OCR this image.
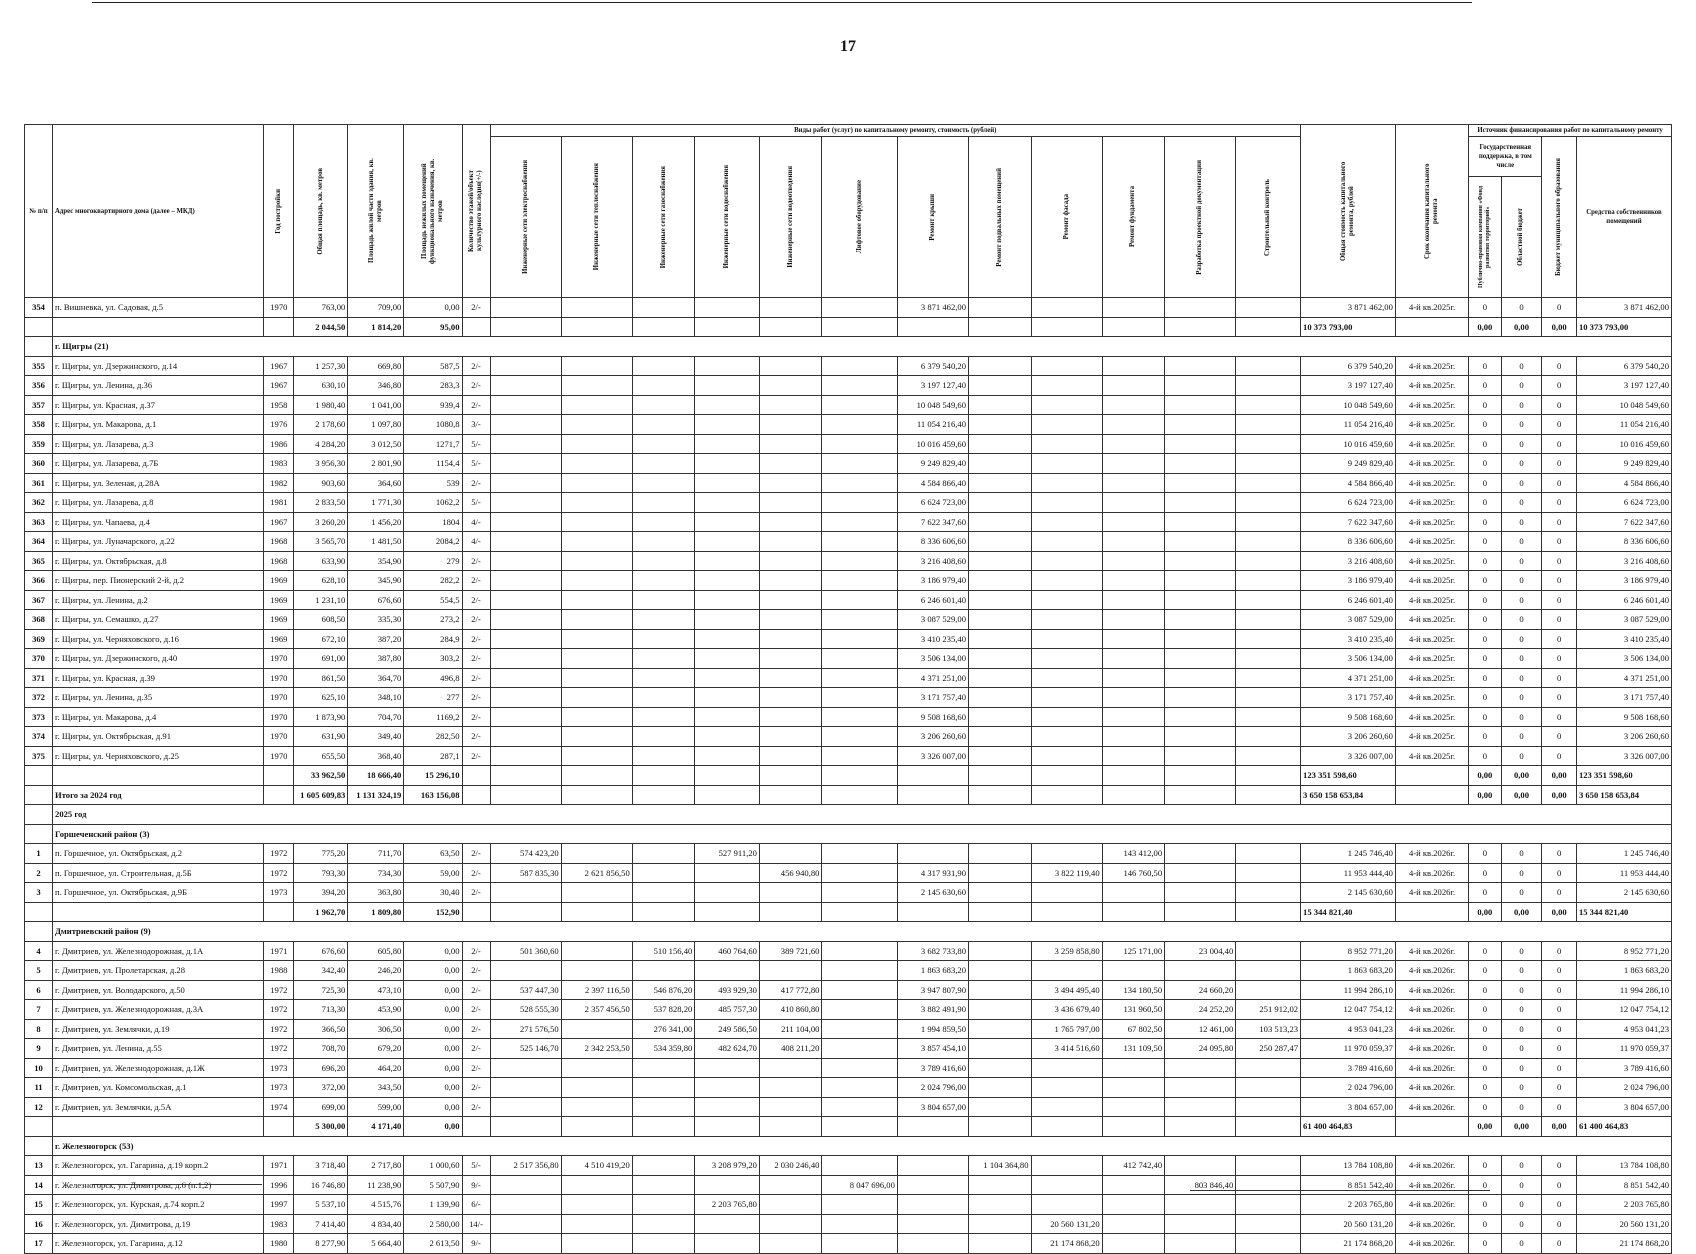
17
№ п/п	Адрес многоквартирного дома (далее – МКД)	Год постройки	Общая площадь, кв. метров	Площадь жилой части здания, кв. метров	Площадь нежилых помещений функционального назначения, кв. метров	Количество этажей/объект культурного наследия(+/-)	Виды работ (услуг) по капитальному ремонту, стоимость (рублей)												Общая стоимость капитального ремонта, рублей	Срок окончания капитального ремонта	Источник финансирования работ по капитальному ремонту			

							Инженерные сети электроснабжения	Инженерные сети теплоснабжения	Инженерные сети газоснабжения	Инженерные сети водоснабжения	Инженерные сети водоотведения	Лифтовое оборудование	Ремонт крыши	Ремонт подвальных помещений	Ремонт фасада	Ремонт фундамента	Разработка проектной документации	Строительный контроль			Государственная поддержка, в том числе		Бюджет муниципального образования	Средства собственников помещений

																					Публично-правовая компания «Фонд развития территорий»	Областной бюджет		

354	п. Вишневка, ул. Садовая, д.5	1970	763,00	709,00	0,00	2/-							3 871 462,00						3 871 462,00	4-й кв.2025г.	0	0	0	3 871 462,00
			2 044,50	1 814,20	95,00														10 373 793,00		0,00	0,00	0,00	10 373 793,00
	г. Щигры (21)																							
355	г. Щигры, ул. Дзержинского, д.14	1967	1 257,30	669,80	587,5	2/-							6 379 540,20						6 379 540,20	4-й кв.2025г.	0	0	0	6 379 540,20
356	г. Щигры, ул. Ленина, д.36	1967	630,10	346,80	283,3	2/-							3 197 127,40						3 197 127,40	4-й кв.2025г.	0	0	0	3 197 127,40
357	г. Щигры, ул. Красная, д.37	1958	1 980,40	1 041,00	939,4	2/-							10 048 549,60						10 048 549,60	4-й кв.2025г.	0	0	0	10 048 549,60
358	г. Щигры, ул. Макарова, д.1	1976	2 178,60	1 097,80	1080,8	3/-							11 054 216,40						11 054 216,40	4-й кв.2025г.	0	0	0	11 054 216,40
359	г. Щигры, ул. Лазарева, д.3	1986	4 284,20	3 012,50	1271,7	5/-							10 016 459,60						10 016 459,60	4-й кв.2025г.	0	0	0	10 016 459,60
360	г. Щигры, ул. Лазарева, д.7Б	1983	3 956,30	2 801,90	1154,4	5/-							9 249 829,40						9 249 829,40	4-й кв.2025г.	0	0	0	9 249 829,40
361	г. Щигры, ул. Зеленая, д.28А	1982	903,60	364,60	539	2/-							4 584 866,40						4 584 866,40	4-й кв.2025г.	0	0	0	4 584 866,40
362	г. Щигры, ул. Лазарева, д.8	1981	2 833,50	1 771,30	1062,2	5/-							6 624 723,00						6 624 723,00	4-й кв.2025г.	0	0	0	6 624 723,00
363	г. Щигры, ул. Чапаева, д.4	1967	3 260,20	1 456,20	1804	4/-							7 622 347,60						7 622 347,60	4-й кв.2025г.	0	0	0	7 622 347,60
364	г. Щигры, ул. Луначарского, д.22	1968	3 565,70	1 481,50	2084,2	4/-							8 336 606,60						8 336 606,60	4-й кв.2025г.	0	0	0	8 336 606,60
365	г. Щигры, ул. Октябрьская, д.8	1968	633,90	354,90	279	2/-							3 216 408,60						3 216 408,60	4-й кв.2025г.	0	0	0	3 216 408,60
366	г. Щигры, пер. Пионерский 2-й, д.2	1969	628,10	345,90	282,2	2/-							3 186 979,40						3 186 979,40	4-й кв.2025г.	0	0	0	3 186 979,40
367	г. Щигры, ул. Ленина, д.2	1969	1 231,10	676,60	554,5	2/-							6 246 601,40						6 246 601,40	4-й кв.2025г.	0	0	0	6 246 601,40
368	г. Щигры, ул. Семашко, д.27	1969	608,50	335,30	273,2	2/-							3 087 529,00						3 087 529,00	4-й кв.2025г.	0	0	0	3 087 529,00
369	г. Щигры, ул. Черняховского, д.16	1969	672,10	387,20	284,9	2/-							3 410 235,40						3 410 235,40	4-й кв.2025г.	0	0	0	3 410 235,40
370	г. Щигры, ул. Дзержинского, д.40	1970	691,00	387,80	303,2	2/-							3 506 134,00						3 506 134,00	4-й кв.2025г.	0	0	0	3 506 134,00
371	г. Щигры, ул. Красная, д.39	1970	861,50	364,70	496,8	2/-							4 371 251,00						4 371 251,00	4-й кв.2025г.	0	0	0	4 371 251,00
372	г. Щигры, ул. Ленина, д.35	1970	625,10	348,10	277	2/-							3 171 757,40						3 171 757,40	4-й кв.2025г.	0	0	0	3 171 757,40
373	г. Щигры, ул. Макарова, д.4	1970	1 873,90	704,70	1169,2	2/-							9 508 168,60						9 508 168,60	4-й кв.2025г.	0	0	0	9 508 168,60
374	г. Щигры, ул. Октябрьская, д.91	1970	631,90	349,40	282,50	2/-							3 206 260,60						3 206 260,60	4-й кв.2025г.	0	0	0	3 206 260,60
375	г. Щигры, ул. Черняховского, д.25	1970	655,50	368,40	287,1	2/-							3 326 007,00						3 326 007,00	4-й кв.2025г.	0	0	0	3 326 007,00
			33 962,50	18 666,40	15 296,10														123 351 598,60		0,00	0,00	0,00	123 351 598,60
	Итого за 2024 год		1 605 609,83	1 131 324,19	163 156,08														3 650 158 653,84		0,00	0,00	0,00	3 650 158 653,84
	2025 год																							
	Горшеченский район (3)																							
1	п. Горшечное, ул. Октябрьская, д.2	1972	775,20	711,70	63,50	2/-	574 423,20			527 911,20						143 412,00			1 245 746,40	4-й кв.2026г.	0	0	0	1 245 746,40
2	п. Горшечное, ул. Строительная, д.5Б	1972	793,30	734,30	59,00	2/-	587 835,30	2 621 856,50			456 940,80		4 317 931,90		3 822 119,40	146 760,50			11 953 444,40	4-й кв.2026г.	0	0	0	11 953 444,40
3	п. Горшечное, ул. Октябрьская, д.9Б	1973	394,20	363,80	30,40	2/-							2 145 630,60						2 145 630,60	4-й кв.2026г.	0	0	0	2 145 630,60
			1 962,70	1 809,80	152,90														15 344 821,40		0,00	0,00	0,00	15 344 821,40
	Дмитриевский район (9)																							
4	г. Дмитриев, ул. Железнодорожная, д.1А	1971	676,60	605,80	0,00	2/-	501 360,60		510 156,40	460 764,60	389 721,60		3 682 733,80		3 259 858,80	125 171,00	23 004,40		8 952 771,20	4-й кв.2026г.	0	0	0	8 952 771,20
5	г. Дмитриев, ул. Пролетарская, д.28	1988	342,40	246,20	0,00	2/-							1 863 683,20						1 863 683,20	4-й кв.2026г.	0	0	0	1 863 683,20
6	г. Дмитриев, ул. Володарского, д.50	1972	725,30	473,10	0,00	2/-	537 447,30	2 397 116,50	546 876,20	493 929,30	417 772,80		3 947 807,90		3 494 495,40	134 180,50	24 660,20		11 994 286,10	4-й кв.2026г.	0	0	0	11 994 286,10
7	г. Дмитриев, ул. Железнодорожная, д.3А	1972	713,30	453,90	0,00	2/-	528 555,30	2 357 456,50	537 828,20	485 757,30	410 860,80		3 882 491,90		3 436 679,40	131 960,50	24 252,20	251 912,02	12 047 754,12	4-й кв.2026г.	0	0	0	12 047 754,12
8	г. Дмитриев, ул. Землячки, д.19	1972	366,50	306,50	0,00	2/-	271 576,50		276 341,00	249 586,50	211 104,00		1 994 859,50		1 765 797,00	67 802,50	12 461,00	103 513,23	4 953 041,23	4-й кв.2026г.	0	0	0	4 953 041,23
9	г. Дмитриев, ул. Ленина, д.55	1972	708,70	679,20	0,00	2/-	525 146,70	2 342 253,50	534 359,80	482 624,70	408 211,20		3 857 454,10		3 414 516,60	131 109,50	24 095,80	250 287,47	11 970 059,37	4-й кв.2026г.	0	0	0	11 970 059,37
10	г. Дмитриев, ул. Железнодорожная, д.1Ж	1973	696,20	464,20	0,00	2/-							3 789 416,60						3 789 416,60	4-й кв.2026г.	0	0	0	3 789 416,60
11	г. Дмитриев, ул. Комсомольская, д.1	1973	372,00	343,50	0,00	2/-							2 024 796,00						2 024 796,00	4-й кв.2026г.	0	0	0	2 024 796,00
12	г. Дмитриев, ул. Землячки, д.5А	1974	699,00	599,00	0,00	2/-							3 804 657,00						3 804 657,00	4-й кв.2026г.	0	0	0	3 804 657,00
			5 300,00	4 171,40	0,00														61 400 464,83		0,00	0,00	0,00	61 400 464,83
	г. Железногорск (53)																							
13	г. Железногорск, ул. Гагарина, д.19 корп.2	1971	3 718,40	2 717,80	1 000,60	5/-	2 517 356,80	4 510 419,20		3 208 979,20	2 030 246,40			1 104 364,80		412 742,40			13 784 108,80	4-й кв.2026г.	0	0	0	13 784 108,80
14	г. Железногорск, ул. Димитрова, д.6 (п.1,2)	1996	16 746,80	11 238,90	5 507,90	9/-						8 047 696,00					803 846,40		8 851 542,40	4-й кв.2026г.	0	0	0	8 851 542,40
15	г. Железногорск, ул. Курская, д.74 корп.2	1997	5 537,10	4 515,76	1 139,90	6/-				2 203 765,80									2 203 765,80	4-й кв.2026г.	0	0	0	2 203 765,80
16	г. Железногорск, ул. Димитрова, д.19	1983	7 414,40	4 834,40	2 580,00	14/-									20 560 131,20				20 560 131,20	4-й кв.2026г.	0	0	0	20 560 131,20
17	г. Железногорск, ул. Гагарина, д.12	1980	8 277,90	5 664,40	2 613,50	9/-									21 174 868,20				21 174 868,20	4-й кв.2026г.	0	0	0	21 174 868,20
